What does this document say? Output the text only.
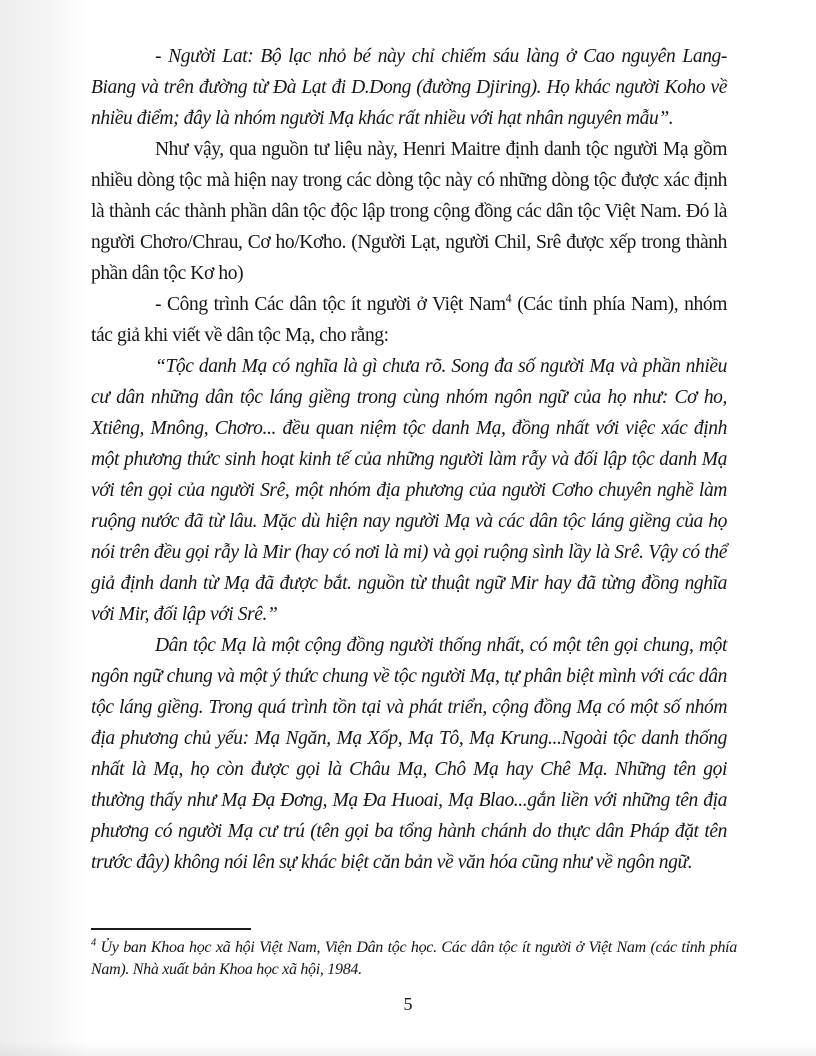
- Người Lat: Bộ lạc nhỏ bé này chỉ chiếm sáu làng ở Cao nguyên Lang-Biang và trên đường từ Đà Lạt đi D.Dong (đường Djiring). Họ khác người Koho về nhiều điểm; đây là nhóm người Mạ khác rất nhiều với hạt nhân nguyên mẫu”.

Như vậy, qua nguồn tư liệu này, Henri Maitre định danh tộc người Mạ gồm nhiều dòng tộc mà hiện nay trong các dòng tộc này có những dòng tộc được xác định là thành các thành phần dân tộc độc lập trong cộng đồng các dân tộc Việt Nam. Đó là người Chơro/Chrau, Cơ ho/Kơho. (Người Lạt, người Chil, Srê được xếp trong thành phần dân tộc Kơ ho)

- Công trình Các dân tộc ít người ở Việt Nam$^4$ (Các tỉnh phía Nam), nhóm tác giả khi viết về dân tộc Mạ, cho rằng:

“Tộc danh Mạ có nghĩa là gì chưa rõ. Song đa số người Mạ và phần nhiều cư dân những dân tộc láng giềng trong cùng nhóm ngôn ngữ của họ như: Cơ ho, Xtiêng, Mnông, Chơro... đều quan niệm tộc danh Mạ, đồng nhất với việc xác định một phương thức sinh hoạt kinh tế của những người làm rẫy và đối lập tộc danh Mạ với tên gọi của người Srê, một nhóm địa phương của người Cơho chuyên nghề làm ruộng nước đã từ lâu. Mặc dù hiện nay người Mạ và các dân tộc láng giềng của họ nói trên đều gọi rẫy là Mir (hay có nơi là mi) và gọi ruộng sình lầy là Srê. Vậy có thể giả định danh từ Mạ đã được bắt. nguồn từ thuật ngữ Mir hay đã từng đồng nghĩa với Mir, đối lập với Srê.”

Dân tộc Mạ là một cộng đồng người thống nhất, có một tên gọi chung, một ngôn ngữ chung và một ý thức chung về tộc người Mạ, tự phân biệt mình với các dân tộc láng giềng. Trong quá trình tồn tại và phát triển, cộng đồng Mạ có một số nhóm địa phương chủ yếu: Mạ Ngăn, Mạ Xốp, Mạ Tô, Mạ Krung...Ngoài tộc danh thống nhất là Mạ, họ còn được gọi là Châu Mạ, Chô Mạ hay Chê Mạ. Những tên gọi thường thấy như Mạ Đạ Đơng, Mạ Đa Huoai, Mạ Blao...gắn liền với những tên địa phương có người Mạ cư trú (tên gọi ba tổng hành chánh do thực dân Pháp đặt tên trước đây) không nói lên sự khác biệt căn bản về văn hóa cũng như về ngôn ngữ.

$^4$ Ủy ban Khoa học xã hội Việt Nam, Viện Dân tộc học. Các dân tộc ít người ở Việt Nam (các tỉnh phía Nam). Nhà xuất bản Khoa học xã hội, 1984.
5
